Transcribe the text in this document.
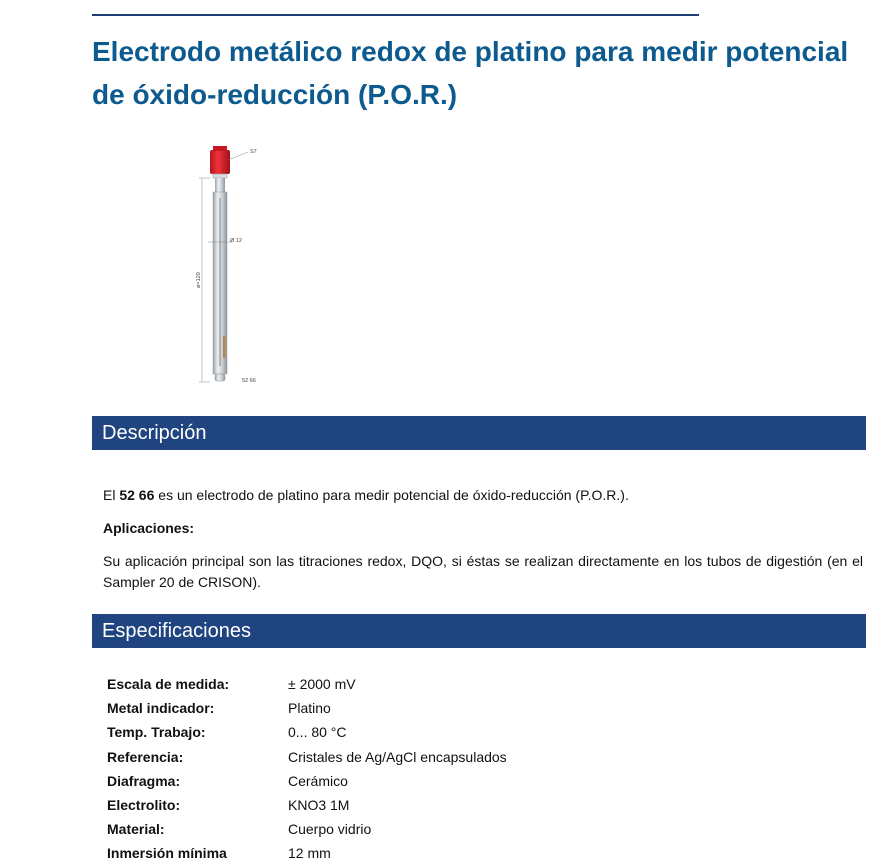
Electrodo metálico redox de platino para medir potencial de óxido-reducción (P.O.R.)
ø=120
S7
Ø 12
52 66
Descripción

El 52 66 es un electrodo de platino para medir potencial de óxido-reducción (P.O.R.).

Aplicaciones:

Su aplicación principal son las titraciones redox, DQO, si éstas se realizan directamente en los tubos de digestión (en el Sampler 20 de CRISON).

Especificaciones
Escala de medida:	± 2000 mV
Metal indicador:	Platino
Temp. Trabajo:	0... 80 °C
Referencia:	Cristales de Ag/AgCl encapsulados
Diafragma:	Cerámico
Electrolito:	KNO3 1M
Material:	Cuerpo vidrio
Inmersión mínima	12 mm
